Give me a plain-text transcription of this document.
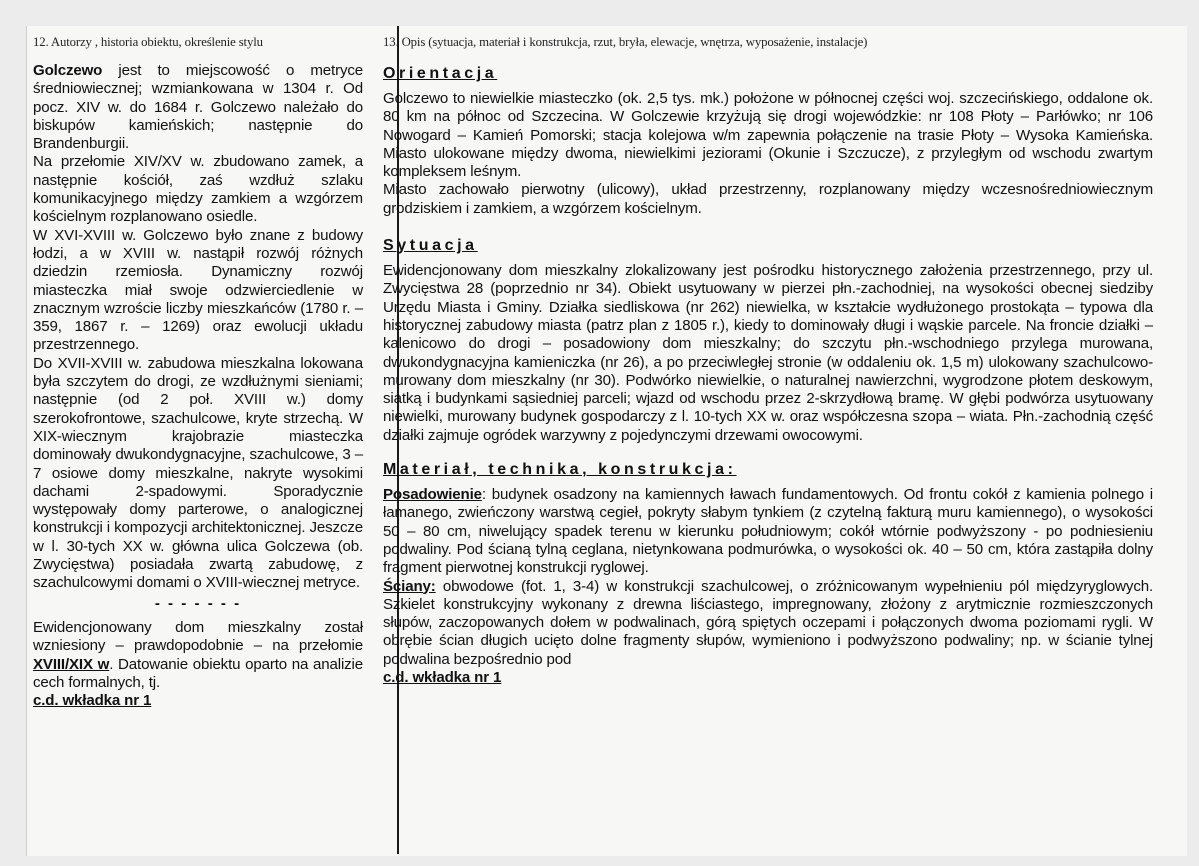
12. Autorzy , historia obiektu, określenie stylu

Golczewo jest to miejscowość o metryce średniowiecznej; wzmiankowana w 1304 r. Od pocz. XIV w. do 1684 r. Golczewo należało do biskupów kamieńskich; następnie do Brandenburgii.

Na przełomie XIV/XV w. zbudowano zamek, a następnie kościół, zaś wzdłuż szlaku komunikacyjnego między zamkiem a wzgórzem kościelnym rozplanowano osiedle.

W XVI-XVIII w. Golczewo było znane z budowy łodzi, a w XVIII w. nastąpił rozwój różnych dziedzin rzemiosła. Dynamiczny rozwój miasteczka miał swoje odzwierciedlenie w znacznym wzroście liczby mieszkańców (1780 r. – 359, 1867 r. – 1269) oraz ewolucji układu przestrzennego.

Do XVII-XVIII w. zabudowa mieszkalna lokowana była szczytem do drogi, ze wzdłużnymi sieniami; następnie (od 2 poł. XVIII w.) domy szerokofrontowe, szachulcowe, kryte strzechą. W XIX-wiecznym krajobrazie miasteczka dominowały dwukondygnacyjne, szachulcowe, 3 – 7 osiowe domy mieszkalne, nakryte wysokimi dachami 2-spadowymi. Sporadycznie występowały domy parterowe, o analogicznej konstrukcji i kompozycji architektonicznej. Jeszcze w l. 30-tych XX w. główna ulica Golczewa (ob. Zwycięstwa) posiadała zwartą zabudowę, z szachulcowymi domami o XVIII-wiecznej metryce.

- - - - - - -

Ewidencjonowany dom mieszkalny został wzniesiony – prawdopodobnie – na przełomie XVIII/XIX w. Datowanie obiektu oparto na analizie cech formalnych, tj.

c.d. wkładka nr 1

13. Opis (sytuacja, materiał i konstrukcja, rzut, bryła, elewacje, wnętrza, wyposażenie, instalacje)
Orientacja

Golczewo to niewielkie miasteczko (ok. 2,5 tys. mk.) położone w północnej części woj. szczecińskiego, oddalone ok. 80 km na północ od Szczecina. W Golczewie krzyżują się drogi wojewódzkie: nr 108 Płoty – Parłówko; nr 106 Nowogard – Kamień Pomorski; stacja kolejowa w/m zapewnia połączenie na trasie Płoty – Wysoka Kamieńska. Miasto ulokowane między dwoma, niewielkimi jeziorami (Okunie i Szczucze), z przyległym od wschodu zwartym kompleksem leśnym.

Miasto zachowało pierwotny (ulicowy), układ przestrzenny, rozplanowany między wczesnośredniowiecznym grodziskiem i zamkiem, a wzgórzem kościelnym.

Sytuacja

Ewidencjonowany dom mieszkalny zlokalizowany jest pośrodku historycznego założenia przestrzennego, przy ul. Zwycięstwa 28 (poprzednio nr 34). Obiekt usytuowany w pierzei płn.-zachodniej, na wysokości obecnej siedziby Urzędu Miasta i Gminy. Działka siedliskowa (nr 262) niewielka, w kształcie wydłużonego prostokąta – typowa dla historycznej zabudowy miasta (patrz plan z 1805 r.), kiedy to dominowały długi i wąskie parcele. Na froncie działki – kalenicowo do drogi – posadowiony dom mieszkalny; do szczytu płn.-wschodniego przylega murowana, dwukondygnacyjna kamieniczka (nr 26), a po przeciwległej stronie (w oddaleniu ok. 1,5 m) ulokowany szachulcowo-murowany dom mieszkalny (nr 30). Podwórko niewielkie, o naturalnej nawierzchni, wygrodzone płotem deskowym, siatką i budynkami sąsiedniej parceli; wjazd od wschodu przez 2-skrzydłową bramę. W głębi podwórza usytuowany niewielki, murowany budynek gospodarczy z l. 10-tych XX w. oraz współczesna szopa – wiata. Płn.-zachodnią część działki zajmuje ogródek warzywny z pojedynczymi drzewami owocowymi.

Materiał, technika, konstrukcja:

Posadowienie: budynek osadzony na kamiennych ławach fundamentowych. Od frontu cokół z kamienia polnego i łamanego, zwieńczony warstwą cegieł, pokryty słabym tynkiem (z czytelną fakturą muru kamiennego), o wysokości 50 – 80 cm, niwelujący spadek terenu w kierunku południowym; cokół wtórnie podwyższony - po podniesieniu podwaliny. Pod ścianą tylną ceglana, nietynkowana podmurówka, o wysokości ok. 40 – 50 cm, która zastąpiła dolny fragment pierwotnej konstrukcji ryglowej.

Ściany: obwodowe (fot. 1, 3-4) w konstrukcji szachulcowej, o zróżnicowanym wypełnieniu pól międzyryglowych. Szkielet konstrukcyjny wykonany z drewna liściastego, impregnowany, złożony z arytmicznie rozmieszczonych słupów, zaczopowanych dołem w podwalinach, górą spiętych oczepami i połączonych dwoma poziomami rygli. W obrębie ścian długich ucięto dolne fragmenty słupów, wymieniono i podwyższono podwaliny; np. w ścianie tylnej podwalina bezpośrednio pod

c.d. wkładka nr 1
